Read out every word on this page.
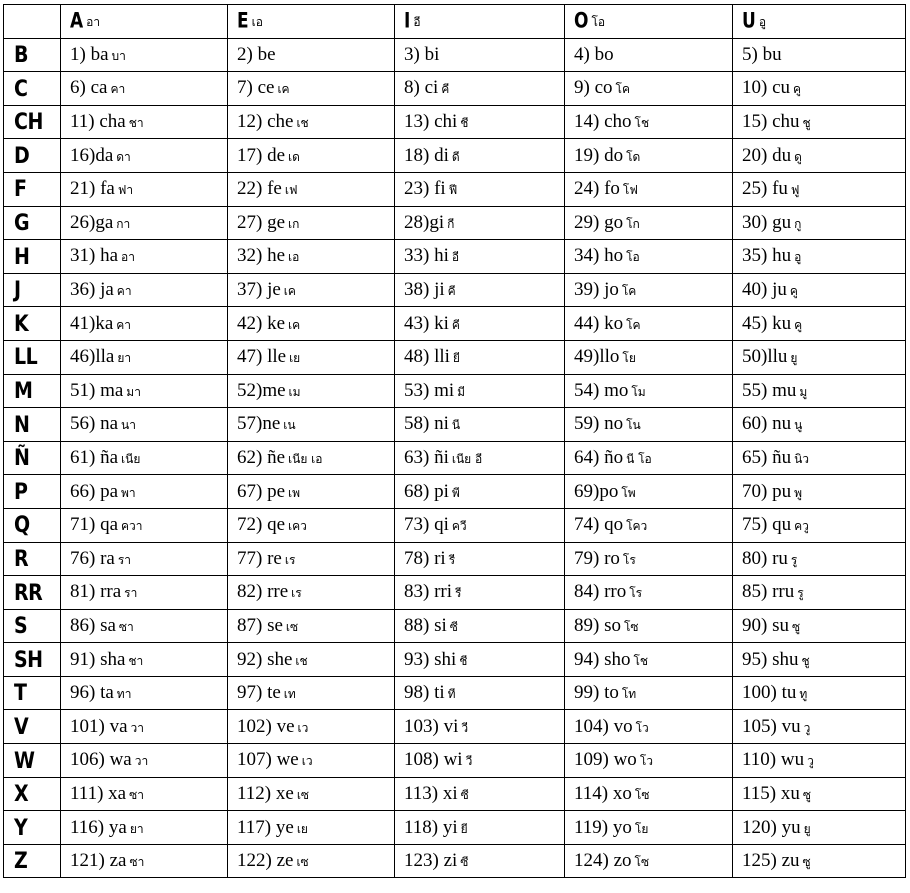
	A อา	E เอ	I อี	O โอ	U อู
B	1) ba บา	2) be	3) bi	4) bo	5) bu
C	6) ca คา	7) ce เค	8) ci คี	9) co โค	10) cu คู
CH	11) cha ชา	12) che เช	13) chi ชี	14) cho โช	15) chu ชู
D	16)da ดา	17) de เด	18) di ดี	19) do โด	20) du ดู
F	21) fa ฟา	22) fe เฟ	23) fi ฟี	24) fo โฟ	25) fu ฟู
G	26)ga กา	27) ge เก	28)gi กี	29) go โก	30) gu กู
H	31) ha อา	32) he เอ	33) hi อี	34) ho โอ	35) hu อู
J	36) ja คา	37) je เค	38) ji คี	39) jo โค	40) ju คู
K	41)ka คา	42) ke เค	43) ki คี	44) ko โค	45) ku คู
LL	46)lla ยา	47) lle เย	48) lli ยี	49)llo โย	50)llu ยู
M	51) ma มา	52)me เม	53) mi มี	54) mo โม	55) mu มู
N	56) na นา	57)ne เน	58) ni นี	59) no โน	60) nu นู
Ñ	61) ña เนีย	62) ñe เนีย เอ	63) ñi เนีย อี	64) ño นี โอ	65) ñu นิว
P	66) pa พา	67) pe เพ	68) pi พี	69)po โพ	70) pu พู
Q	71) qa ควา	72) qe เคว	73) qi ควี	74) qo โคว	75) qu ควู
R	76) ra รา	77) re เร	78) ri รี	79) ro โร	80) ru รู
RR	81) rra รา	82) rre เร	83) rri รี	84) rro โร	85) rru รู
S	86) sa ซา	87) se เซ	88) si ซี	89) so โซ	90) su ซู
SH	91) sha ชา	92) she เช	93) shi ชี	94) sho โช	95) shu ชู
T	96) ta ทา	97) te เท	98) ti ที	99) to โท	100) tu ทู
V	101) va วา	102) ve เว	103) vi วี	104) vo โว	105) vu วู
W	106) wa วา	107) we เว	108) wi วี	109) wo โว	110) wu วู
X	111) xa ซา	112) xe เซ	113) xi ซี	114) xo โซ	115) xu ซู
Y	116) ya ยา	117) ye เย	118) yi ยี	119) yo โย	120) yu ยู
Z	121) za ซา	122) ze เซ	123) zi ซี	124) zo โซ	125) zu ซู
